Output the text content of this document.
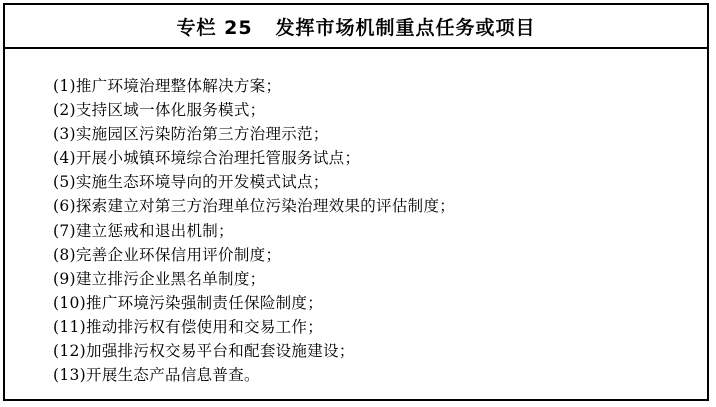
专栏 25   发挥市场机制重点任务或项目
(1)推广环境治理整体解决方案；
(2)支持区域一体化服务模式；
(3)实施园区污染防治第三方治理示范；
(4)开展小城镇环境综合治理托管服务试点；
(5)实施生态环境导向的开发模式试点；
(6)探索建立对第三方治理单位污染治理效果的评估制度；
(7)建立惩戒和退出机制；
(8)完善企业环保信用评价制度；
(9)建立排污企业黑名单制度；
(10)推广环境污染强制责任保险制度；
(11)推动排污权有偿使用和交易工作；
(12)加强排污权交易平台和配套设施建设；
(13)开展生态产品信息普查。
